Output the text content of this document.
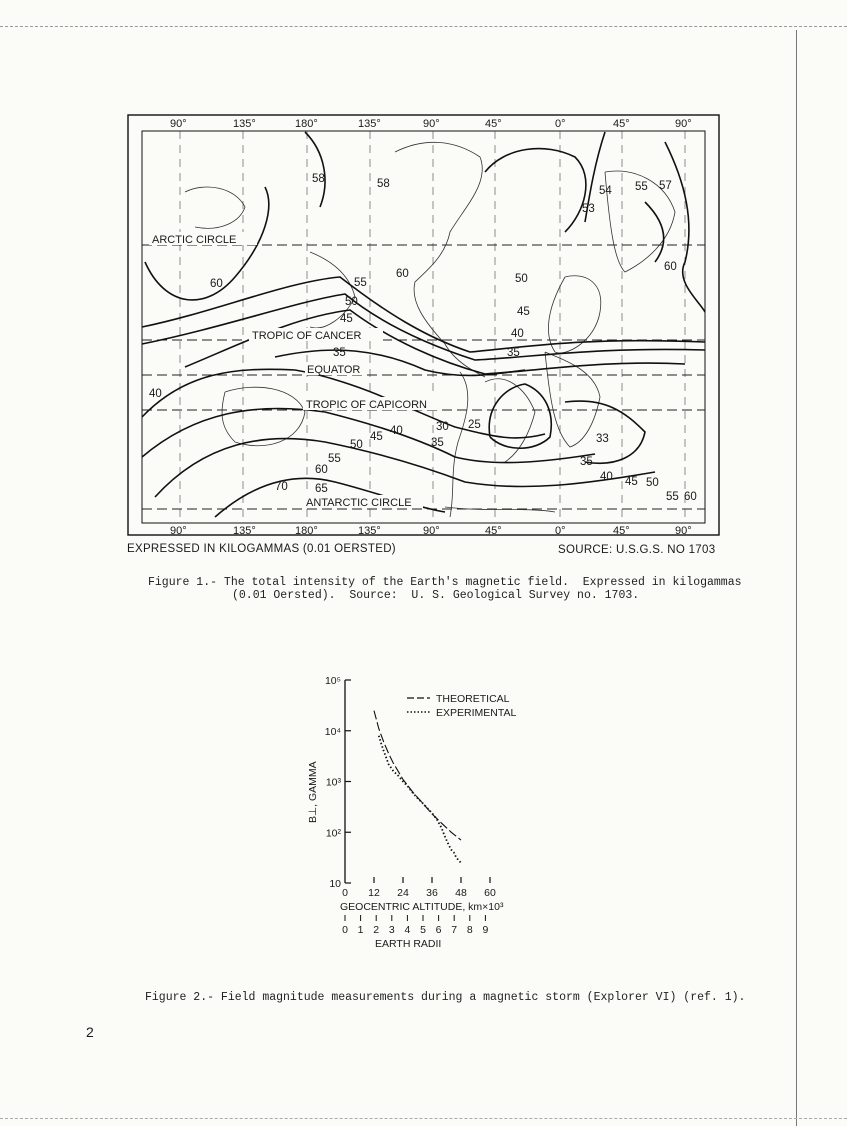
90°	135°	180°	135°	90°	45°	0°	45°	90°
90°	135°	180°	135°	90°	45°	0°	45°	90°
ARCTIC CIRCLE
TROPIC OF CANCER
EQUATOR
TROPIC OF CAPICORN
ANTARCTIC CIRCLE
58	58
54 55 57
53
60
60
55
50
50
45
45
40
35	35
40
30 25
45 40
35
50
55
60
65
70
33
35
40 45 50
55 60
60
EXPRESSED IN KILOGAMMAS (0.01 OERSTED)	SOURCE: U.S.G.S. NO 1703
Figure 1.- The total intensity of the Earth's magnetic field.  Expressed in kilogammas
(0.01 Oersted).  Source:  U. S. Geological Survey no. 1703.
10⁵
10⁴
10³
10²
10
0 12 24 36 48 60
0 1 2 3 4 5 6 7 8 9
THEORETICAL
EXPERIMENTAL
B⊥, GAMMA
GEOCENTRIC ALTITUDE, km×10³
EARTH RADII
Figure 2.- Field magnitude measurements during a magnetic storm (Explorer VI) (ref. 1).
2
